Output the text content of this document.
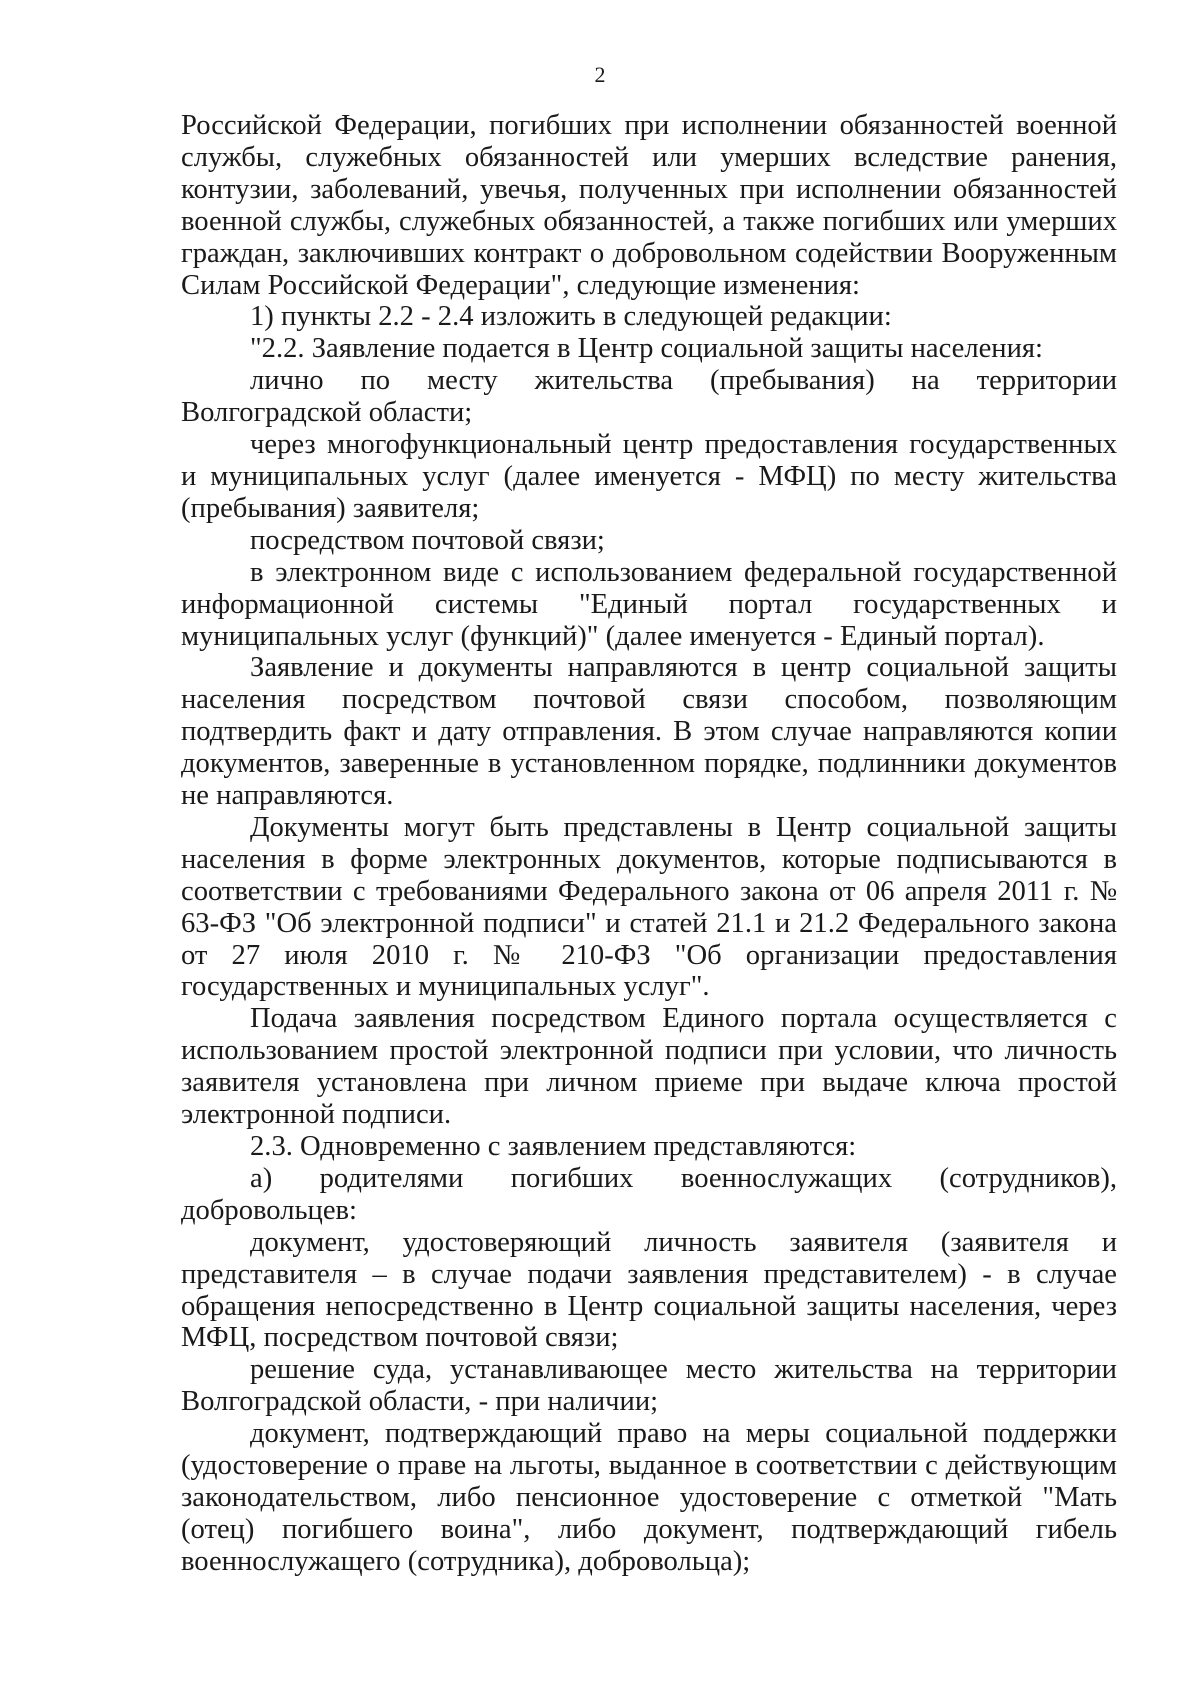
2

Российской Федерации, погибших при исполнении обязанностей военной службы, служебных обязанностей или умерших вследствие ранения, контузии, заболеваний, увечья, полученных при исполнении обязанностей военной службы, служебных обязанностей, а также погибших или умерших граждан, заключивших контракт о добровольном содействии Вооруженным Силам Российской Федерации", следующие изменения:

1) пункты 2.2 - 2.4 изложить в следующей редакции:

"2.2. Заявление подается в Центр социальной защиты населения:

лично по месту жительства (пребывания) на территории Волгоградской области;

через многофункциональный центр предоставления государственных и муниципальных услуг (далее именуется - МФЦ) по месту жительства (пребывания) заявителя;

посредством почтовой связи;

в электронном виде с использованием федеральной государственной информационной системы "Единый портал государственных и муниципальных услуг (функций)" (далее именуется - Единый портал).

Заявление и документы направляются в центр социальной защиты населения посредством почтовой связи способом, позволяющим подтвердить факт и дату отправления. В этом случае направляются копии документов, заверенные в установленном порядке, подлинники документов не направляются.

Документы могут быть представлены в Центр социальной защиты населения в форме электронных документов, которые подписываются в соответствии с требованиями Федерального закона от 06 апреля 2011 г. № 63-ФЗ "Об электронной подписи" и статей 21.1 и 21.2 Федерального закона от 27 июля 2010 г. № 210-ФЗ "Об организации предоставления государственных и муниципальных услуг".

Подача заявления посредством Единого портала осуществляется с использованием простой электронной подписи при условии, что личность заявителя установлена при личном приеме при выдаче ключа простой электронной подписи.

2.3. Одновременно с заявлением представляются:

а) родителями погибших военнослужащих (сотрудников), добровольцев:

документ, удостоверяющий личность заявителя (заявителя и представителя – в случае подачи заявления представителем) - в случае обращения непосредственно в Центр социальной защиты населения, через МФЦ, посредством почтовой связи;

решение суда, устанавливающее место жительства на территории Волгоградской области, - при наличии;

документ, подтверждающий право на меры социальной поддержки (удостоверение о праве на льготы, выданное в соответствии с действующим законодательством, либо пенсионное удостоверение с отметкой "Мать (отец) погибшего воина", либо документ, подтверждающий гибель военнослужащего (сотрудника), добровольца);
